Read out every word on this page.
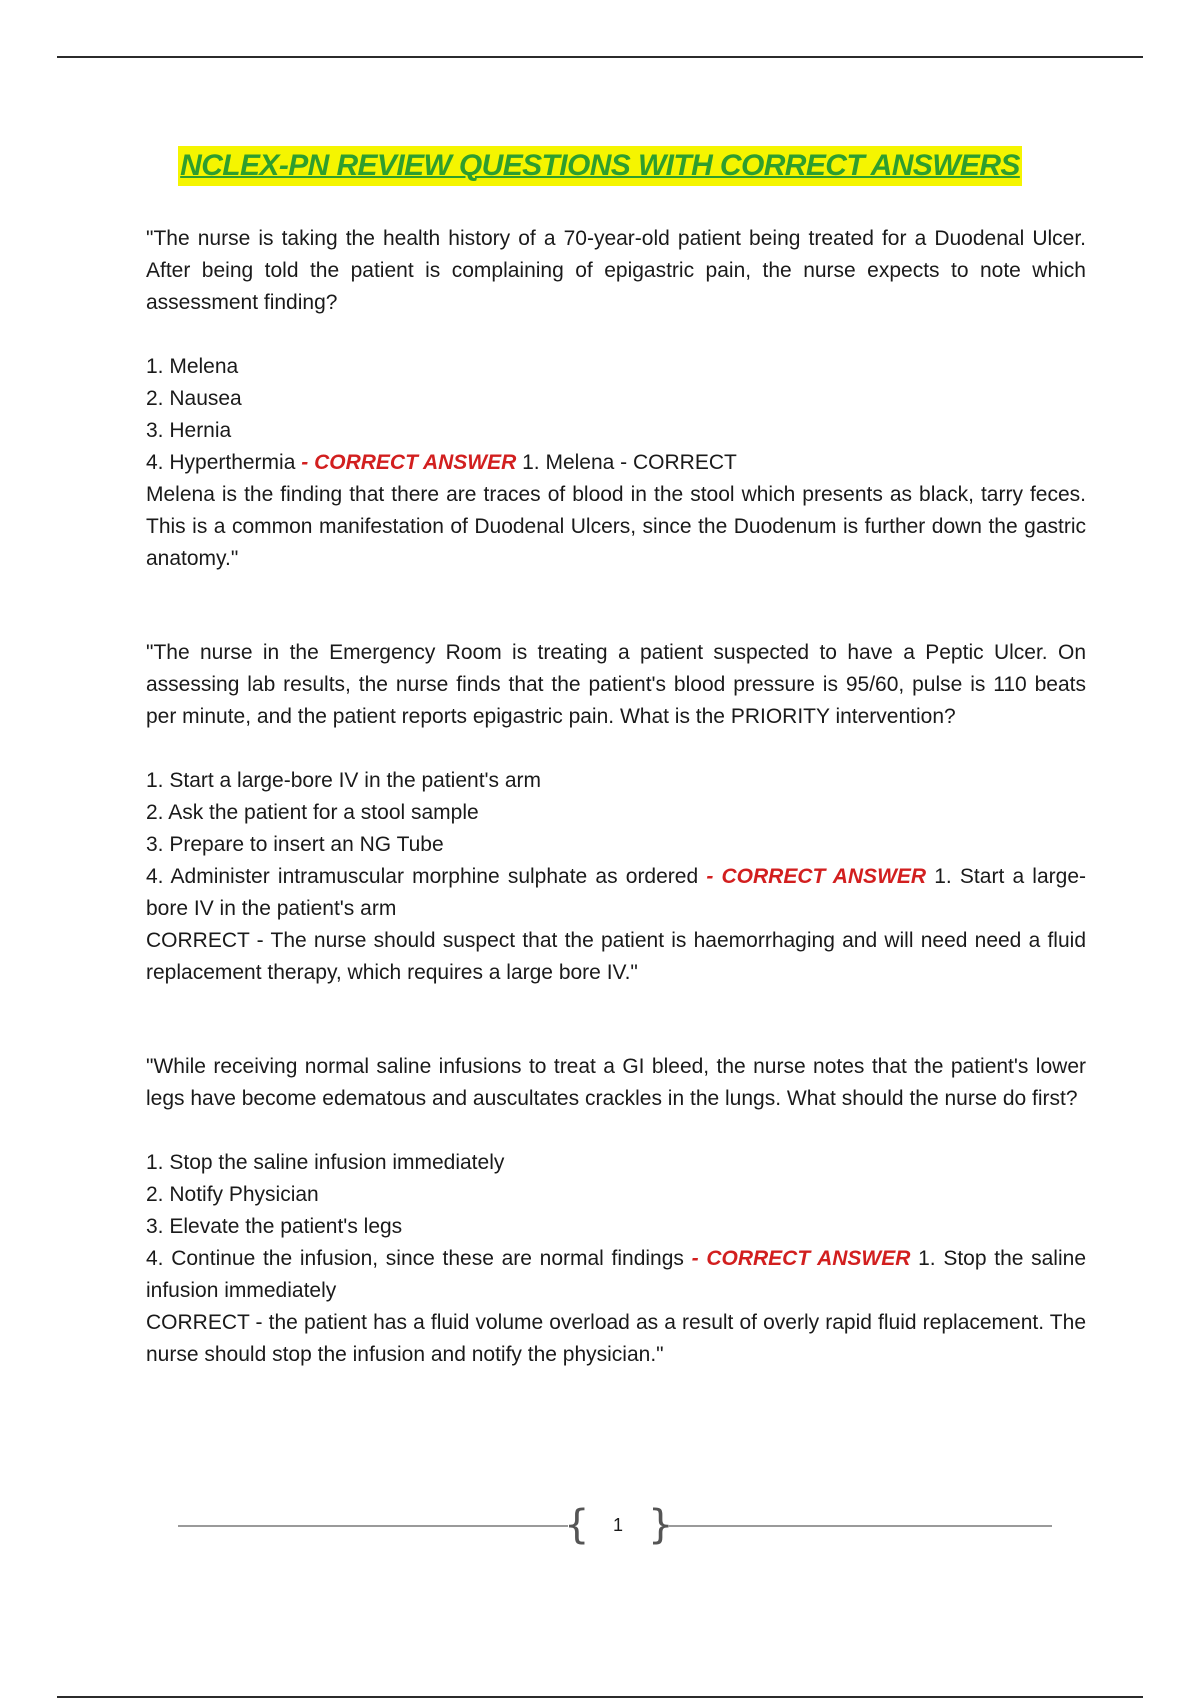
NCLEX-PN REVIEW QUESTIONS WITH CORRECT ANSWERS

"The nurse is taking the health history of a 70-year-old patient being treated for a Duodenal Ulcer. After being told the patient is complaining of epigastric pain, the nurse expects to note which assessment finding?

1. Melena

2. Nausea

3. Hernia

4. Hyperthermia - CORRECT ANSWER 1. Melena - CORRECT

Melena is the finding that there are traces of blood in the stool which presents as black, tarry feces. This is a common manifestation of Duodenal Ulcers, since the Duodenum is further down the gastric anatomy."

"The nurse in the Emergency Room is treating a patient suspected to have a Peptic Ulcer. On assessing lab results, the nurse finds that the patient's blood pressure is 95/60, pulse is 110 beats per minute, and the patient reports epigastric pain. What is the PRIORITY intervention?

1. Start a large-bore IV in the patient's arm

2. Ask the patient for a stool sample

3. Prepare to insert an NG Tube

4. Administer intramuscular morphine sulphate as ordered - CORRECT ANSWER 1. Start a large-bore IV in the patient's arm

CORRECT - The nurse should suspect that the patient is haemorrhaging and will need need a fluid replacement therapy, which requires a large bore IV."

"While receiving normal saline infusions to treat a GI bleed, the nurse notes that the patient's lower legs have become edematous and auscultates crackles in the lungs. What should the nurse do first?

1. Stop the saline infusion immediately

2. Notify Physician

3. Elevate the patient's legs

4. Continue the infusion, since these are normal findings - CORRECT ANSWER 1. Stop the saline infusion immediately

CORRECT - the patient has a fluid volume overload as a result of overly rapid fluid replacement. The nurse should stop the infusion and notify the physician."

{	1 }
